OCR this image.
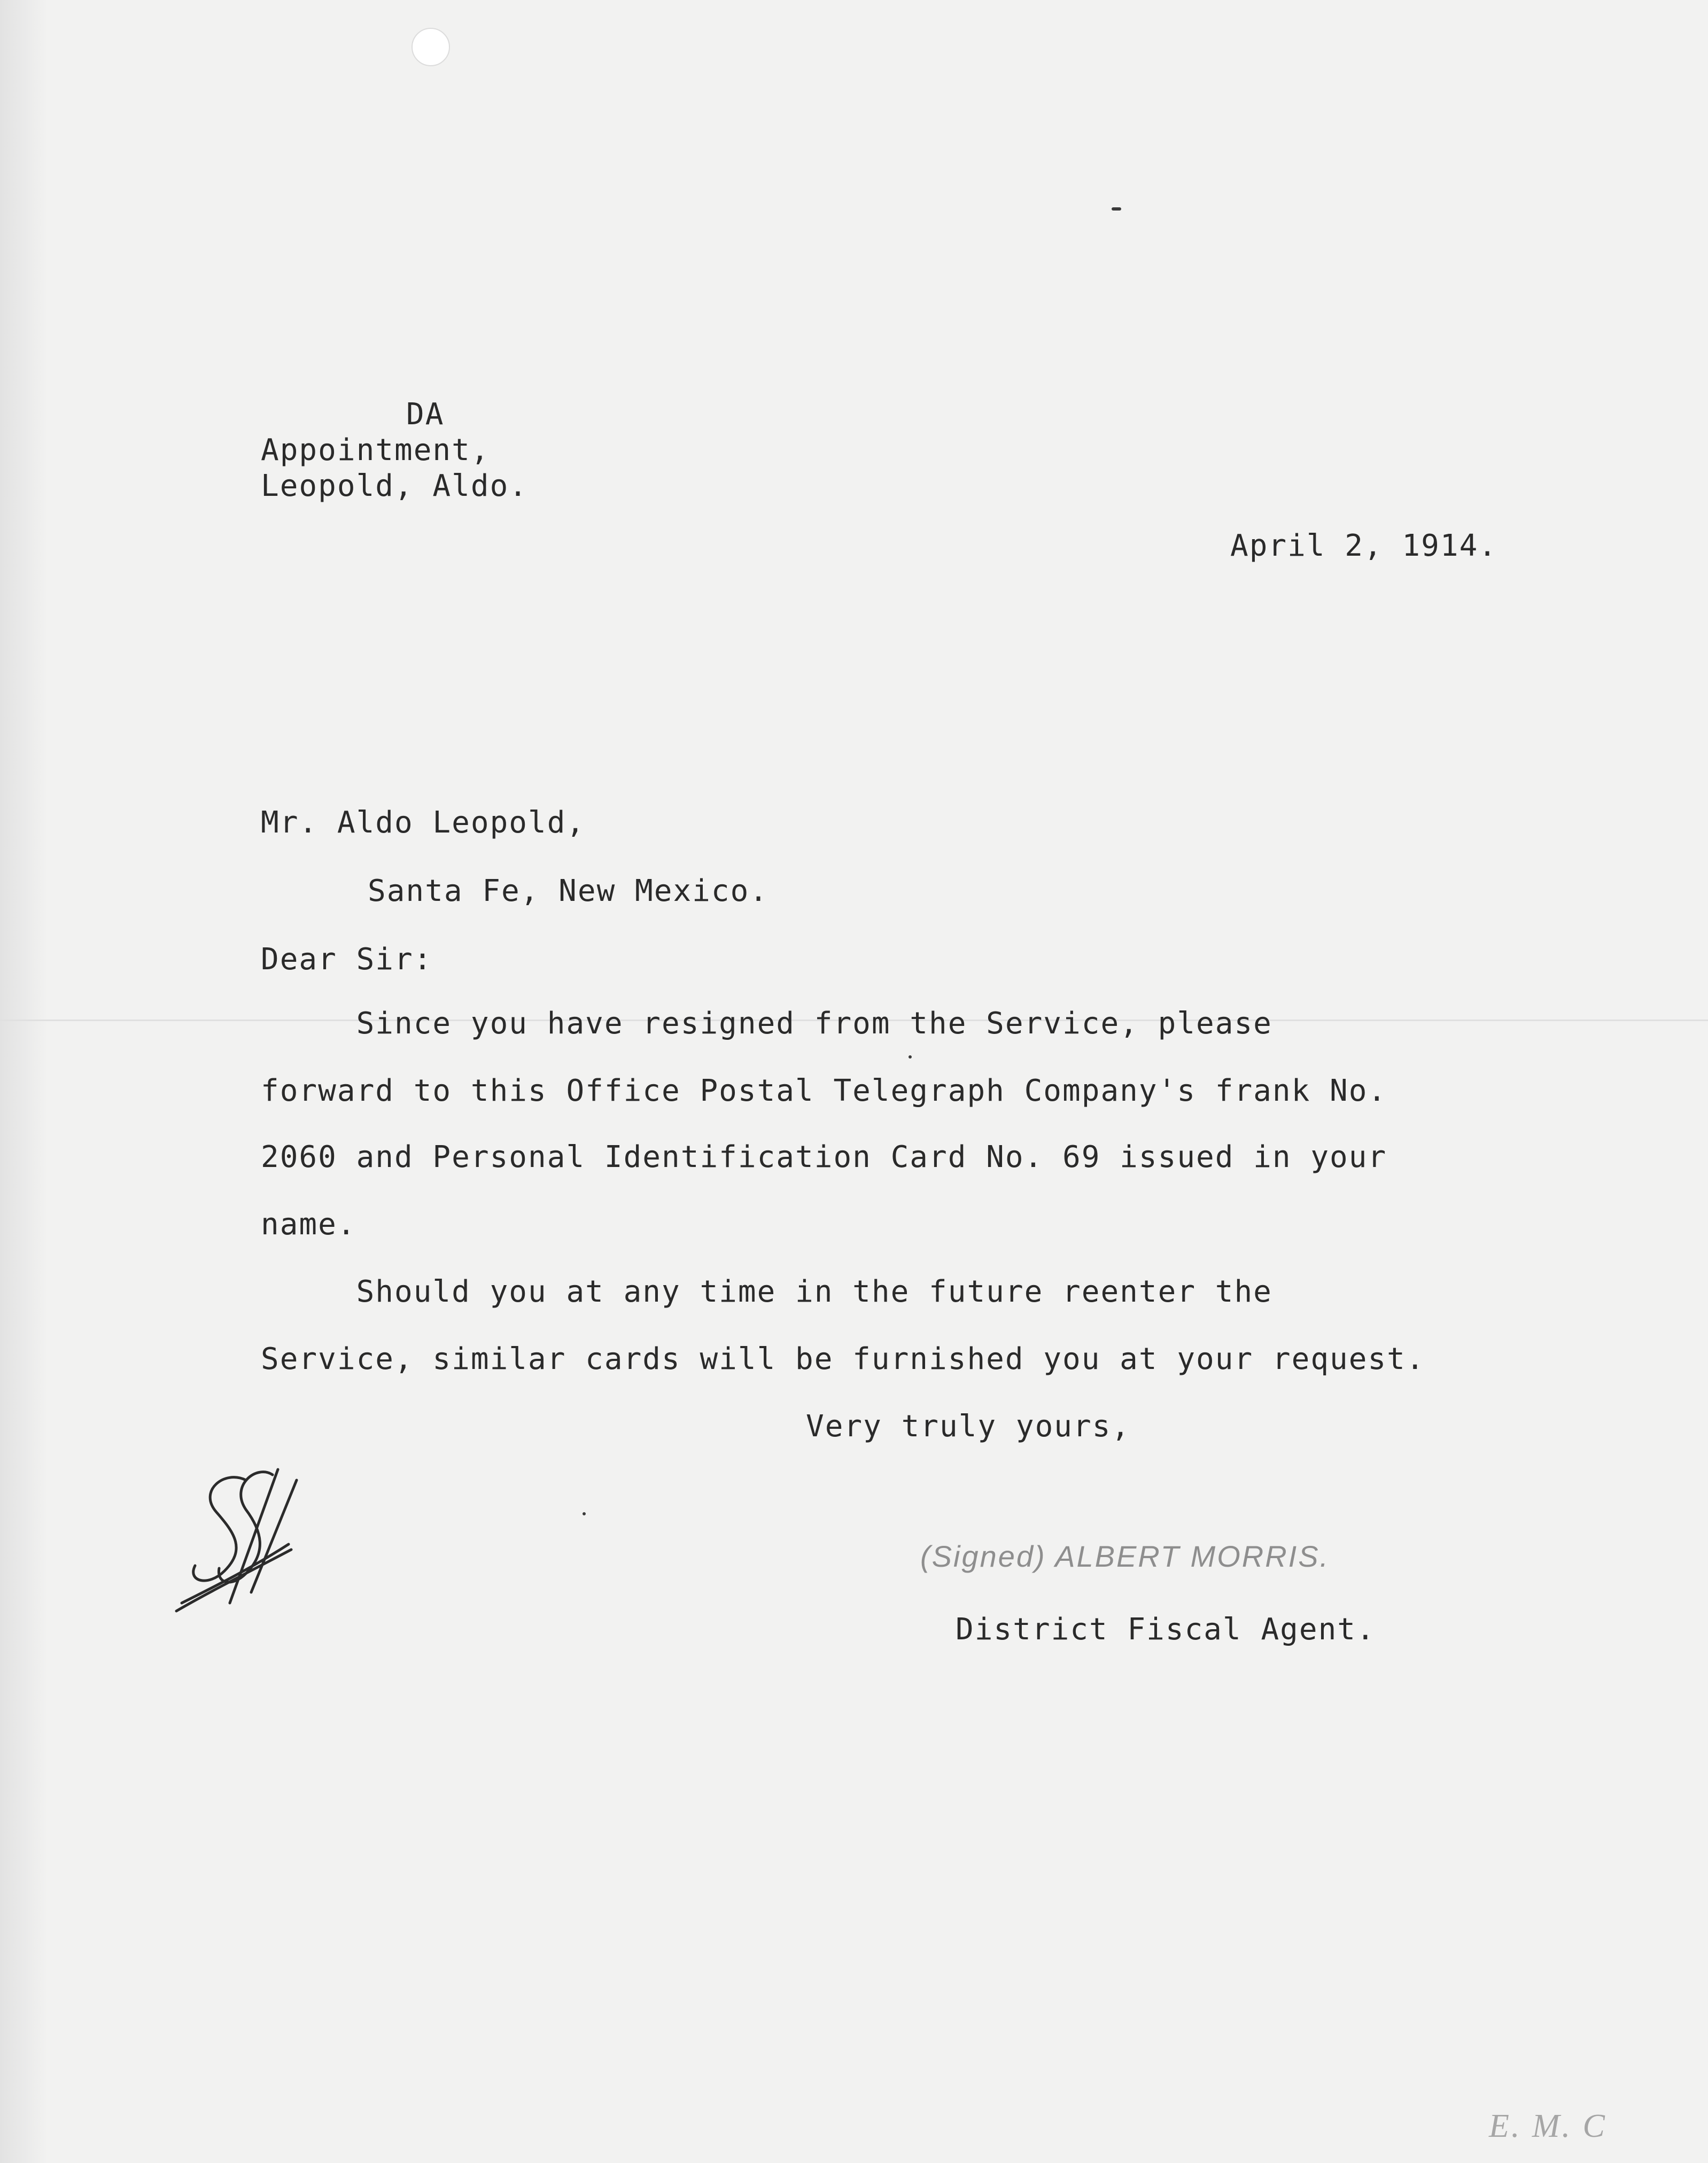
DA
Appointment,
Leopold, Aldo.
April 2, 1914.
Mr. Aldo Leopold,
Santa Fe, New Mexico.
Dear Sir:
Since you have resigned from the Service, please
forward to this Office Postal Telegraph Company's frank No.
2060 and Personal Identification Card No. 69 issued in your
name.
Should you at any time in the future reenter the
Service, similar cards will be furnished you at your request.
Very truly yours,
(Signed) ALBERT MORRIS.
District Fiscal Agent.
E. M. C
